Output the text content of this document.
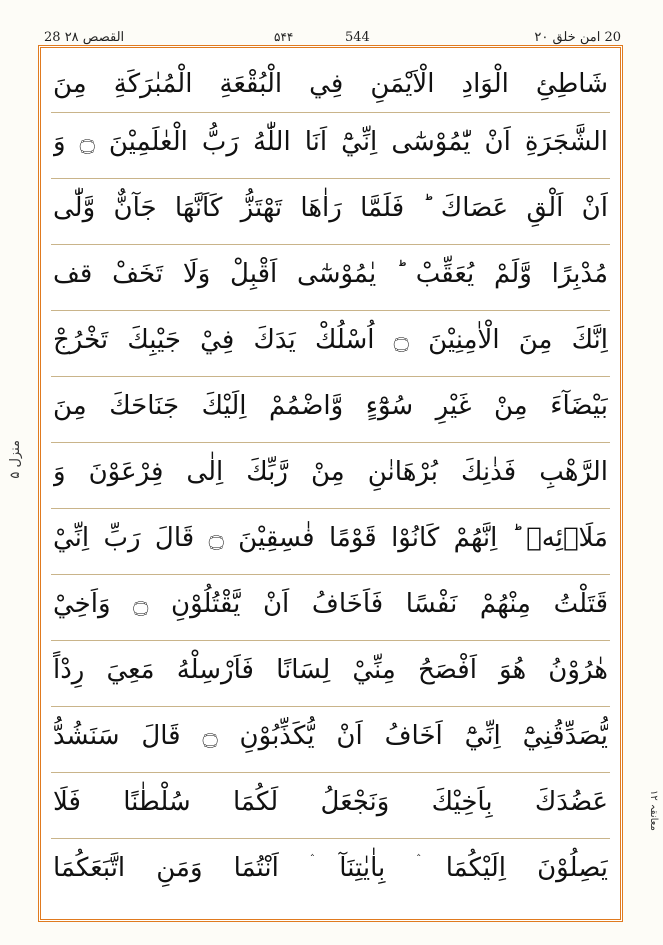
28 القصص ۲۸	۵۴۴	544	20 امن خلق ۲۰
منزل ۵
شَاطِئِ الْوَادِ الْاَيْمَنِ فِي الْبُقْعَةِ الْمُبٰرَكَةِ مِنَ
الشَّجَرَةِ اَنْ يّٰمُوْسٰٓى اِنِّيْٓ اَنَا اللّٰهُ رَبُّ الْعٰلَمِيْنَ ۝ وَ
اَنْ اَلْقِ عَصَاكَ ؕ فَلَمَّا رَاٰهَا تَهْتَزُّ كَاَنَّهَا جَآنٌّ وَّلّٰى
مُدْبِرًا وَّلَمْ يُعَقِّبْ ؕ يٰمُوْسٰٓى اَقْبِلْ وَلَا تَخَفْ قف
اِنَّكَ مِنَ الْاٰمِنِيْنَ ۝ اُسْلُكْ يَدَكَ فِيْ جَيْبِكَ تَخْرُجْ
بَيْضَآءَ مِنْ غَيْرِ سُوْٓءٍ وَّاضْمُمْ اِلَيْكَ جَنَاحَكَ مِنَ
الرَّهْبِ فَذٰنِكَ بُرْهَانٰنِ مِنْ رَّبِّكَ اِلٰى فِرْعَوْنَ وَ
مَلَا۟ئِهٖ ؕ اِنَّهُمْ كَانُوْا قَوْمًا فٰسِقِيْنَ ۝ قَالَ رَبِّ اِنِّيْ
قَتَلْتُ مِنْهُمْ نَفْسًا فَاَخَافُ اَنْ يَّقْتُلُوْنِ ۝ وَاَخِيْ
هٰرُوْنُ هُوَ اَفْصَحُ مِنِّيْ لِسَانًا فَاَرْسِلْهُ مَعِيَ رِدْاً
يُّصَدِّقُنِيْٓ اِنِّيْٓ اَخَافُ اَنْ يُّكَذِّبُوْنِ ۝ قَالَ سَنَشُدُّ
عَضُدَكَ بِاَخِيْكَ وَنَجْعَلُ لَكُمَا سُلْطٰنًا فَلَا
يَصِلُوْنَ اِلَيْكُمَا ۛ بِاٰيٰتِنَآ ۛ اَنْتُمَا وَمَنِ اتَّبَعَكُمَا
معانقہ ۱۲
